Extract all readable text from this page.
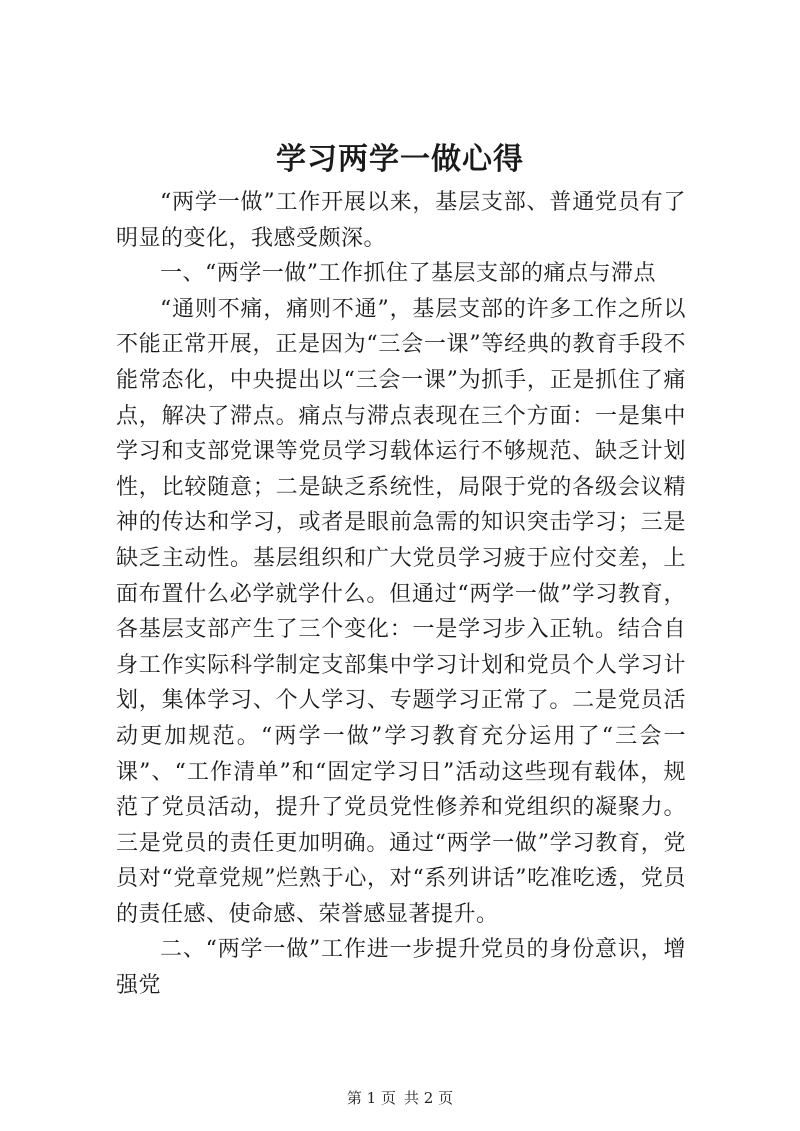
学习两学一做心得

“两学一做”工作开展以来，基层支部、普通党员有了明显的变化，我感受颇深。

一、“两学一做”工作抓住了基层支部的痛点与滞点

“通则不痛，痛则不通”，基层支部的许多工作之所以不能正常开展，正是因为“三会一课”等经典的教育手段不能常态化，中央提出以“三会一课”为抓手，正是抓住了痛点，解决了滞点。痛点与滞点表现在三个方面：一是集中学习和支部党课等党员学习载体运行不够规范、缺乏计划性，比较随意；二是缺乏系统性，局限于党的各级会议精神的传达和学习，或者是眼前急需的知识突击学习；三是缺乏主动性。基层组织和广大党员学习疲于应付交差，上面布置什么必学就学什么。但通过“两学一做”学习教育，各基层支部产生了三个变化：一是学习步入正轨。结合自身工作实际科学制定支部集中学习计划和党员个人学习计划，集体学习、个人学习、专题学习正常了。二是党员活动更加规范。“两学一做”学习教育充分运用了“三会一课”、“工作清单”和“固定学习日”活动这些现有载体，规范了党员活动，提升了党员党性修养和党组织的凝聚力。三是党员的责任更加明确。通过“两学一做”学习教育，党员对“党章党规”烂熟于心，对“系列讲话”吃准吃透，党员的责任感、使命感、荣誉感显著提升。

二、“两学一做”工作进一步提升党员的身份意识，增强党

第 1 页 共 2 页
